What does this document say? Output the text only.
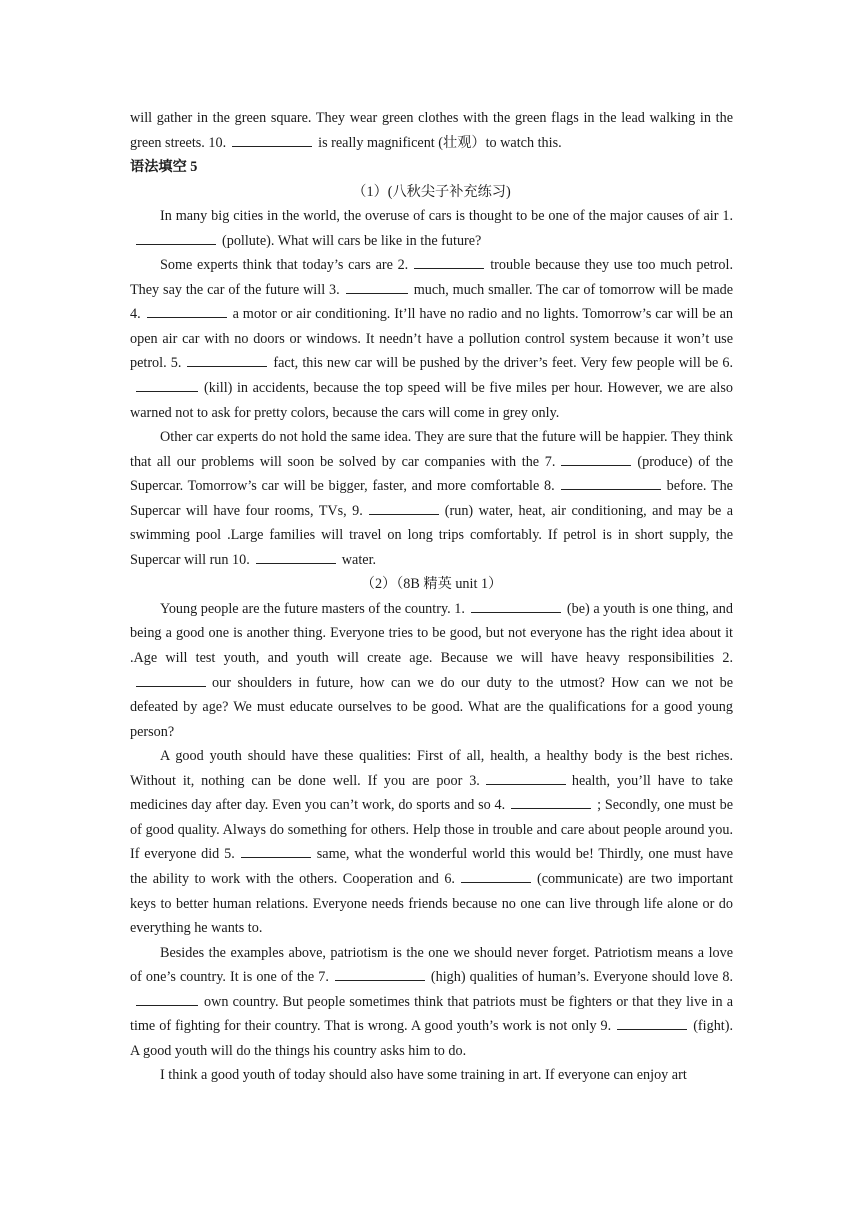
will gather in the green square. They wear green clothes with the green flags in the lead walking in the green streets. 10.	is really magnificent (壮观）to watch this.

语法填空 5

（1）(八秋尖子补充练习)

In many big cities in the world, the overuse of cars is thought to be one of the major causes of air 1.(pollute). What will cars be like in the future?

Some experts think that today’s cars are 2.	trouble because they use too much petrol. They say the car of the future will 3.	much, much smaller. The car of tomorrow will be made 4.	a motor or air conditioning. It’ll have no radio and no lights. Tomorrow’s car will be an open air car with no doors or windows. It needn’t have a pollution control system because it won’t use petrol. 5.	fact, this new car will be pushed by the driver’s feet. Very few people will be 6.(kill) in accidents, because the top speed will be five miles per hour. However, we are also warned not to ask for pretty colors, because the cars will come in grey only.

Other car experts do not hold the same idea. They are sure that the future will be happier. They think that all our problems will soon be solved by car companies with the 7.	(produce) of the Supercar. Tomorrow’s car will be bigger, faster, and more comfortable 8.	before. The Supercar will have four rooms, TVs, 9.	(run) water, heat, air conditioning, and may be a swimming pool .Large families will travel on long trips comfortably. If petrol is in short supply, the Supercar will run 10.	water.

（2）（8B 精英 unit 1）

Young people are the future masters of the country. 1.	(be) a youth is one thing, and being a good one is another thing. Everyone tries to be good, but not everyone has the right idea about it .Age will test youth, and youth will create age. Because we will have heavy responsibilities 2.our shoulders in future, how can we do our duty to the utmost? How can we not be defeated by age? We must educate ourselves to be good. What are the qualifications for a good young person?

A good youth should have these qualities: First of all, health, a healthy body is the best riches. Without it, nothing can be done well. If you are poor 3.	health, you’ll have to take medicines day after day. Even you can’t work, do sports and so 4.	; Secondly, one must be of good quality. Always do something for others. Help those in trouble and care about people around you. If everyone did 5.	same, what the wonderful world this would be! Thirdly, one must have the ability to work with the others. Cooperation and 6.	(communicate) are two important keys to better human relations. Everyone needs friends because no one can live through life alone or do everything he wants to.

Besides the examples above, patriotism is the one we should never forget. Patriotism means a love of one’s country. It is one of the 7.	(high) qualities of human’s. Everyone should love 8.own country. But people sometimes think that patriots must be fighters or that they live in a time of fighting for their country. That is wrong. A good youth’s work is not only 9.	(fight). A good youth will do the things his country asks him to do.

I think a good youth of today should also have some training in art. If everyone can enjoy art
